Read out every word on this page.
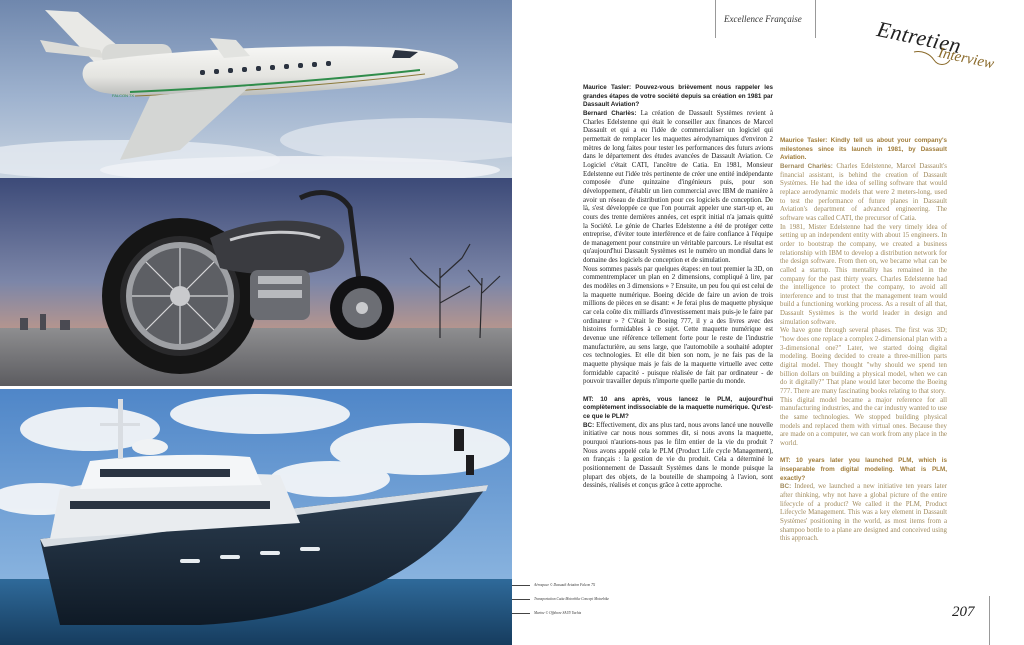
FALCON 7X
Aérospace © Dassault Aviation Falcon 7X
Transportation Catia Motorbike Concept Motorbike
Marine © Offshore SAUY Yachts
Excellence Française	Entretien
Interview

Maurice Tasler: Pouvez-vous brièvement nous rappeler les grandes étapes de votre société depuis sa création en 1981 par Dassault Aviation?

Bernard Charlès: La création de Dassault Systèmes revient à Charles Edelstenne qui était le conseiller aux finances de Marcel Dassault et qui a eu l'idée de commercialiser un logiciel qui permettait de remplacer les maquettes aérodynamiques d'environ 2 mètres de long faites pour tester les performances des futurs avions dans le département des études avancées de Dassault Aviation. Ce Logiciel c'était CATI, l'ancêtre de Catia. En 1981, Monsieur Edelstenne eut l'idée très pertinente de créer une entité indépendante composée d'une quinzaine d'ingénieurs puis, pour son développement, d'établir un lien commercial avec IBM de manière à avoir un réseau de distribution pour ces logiciels de conception. De là, s'est développée ce que l'on pourrait appeler une start-up et, au cours des trente dernières années, cet esprit initial n'a jamais quitté la Société. Le génie de Charles Edelstenne a été de protéger cette entreprise, d'éviter toute interférence et de faire confiance à l'équipe de management pour construire un véritable parcours. Le résultat est qu'aujourd'hui Dassault Systèmes est le numéro un mondial dans le domaine des logiciels de conception et de simulation.

Nous sommes passés par quelques étapes: en tout premier la 3D, on commentremplacer un plan en 2 dimensions, compliqué à lire, par des modèles en 3 dimensions » ? Ensuite, un peu fou qui est celui de la maquette numérique. Boeing décide de faire un avion de trois millions de pièces en se disant: « Je ferai plus de maquette physique car cela coûte dix milliards d'investissement mais puis-je le faire par ordinateur » ? C'était le Boeing 777, il y a des livres avec des histoires formidables à ce sujet. Cette maquette numérique est devenue une référence tellement forte pour le reste de l'industrie manufacturière, au sens large, que l'automobile a souhaité adopter ces technologies. Et elle dit bien son nom, je ne fais pas de la maquette physique mais je fais de la maquette virtuelle avec cette formidable capacité - puisque réalisée de fait par ordinateur - de pouvoir travailler depuis n'importe quelle partie du monde.

MT: 10 ans après, vous lancez le PLM, aujourd'hui complètement indissociable de la maquette numérique. Qu'est-ce que le PLM?

BC: Effectivement, dix ans plus tard, nous avons lancé une nouvelle initiative car nous nous sommes dit, si nous avons la maquette, pourquoi n'aurions-nous pas le film entier de la vie du produit ? Nous avons appelé cela le PLM (Product Life cycle Management), en français : la gestion de vie du produit. Cela a déterminé le positionnement de Dassault Systèmes dans le monde puisque la plupart des objets, de la bouteille de shampoing à l'avion, sont dessinés, réalisés et conçus grâce à cette approche.

Maurice Tasler: Kindly tell us about your company's milestones since its launch in 1981, by Dassault Aviation.

Bernard Charlès: Charles Edelstenne, Marcel Dassault's financial assistant, is behind the creation of Dassault Systèmes. He had the idea of selling software that would replace aerodynamic models that were 2 meters-long, used to test the performance of future planes in Dassault Aviation's department of advanced engineering. The software was called CATI, the precursor of Catia.

In 1981, Mister Edelstenne had the very timely idea of setting up an independent entity with about 15 engineers. In order to bootstrap the company, we created a business relationship with IBM to develop a distribution network for the design software. From then on, we became what can be called a startup. This mentality has remained in the company for the past thirty years. Charles Edelstenne had the intelligence to protect the company, to avoid all interference and to trust that the management team would build a functioning working process. As a result of all that, Dassault Systèmes is the world leader in design and simulation software.

We have gone through several phases. The first was 3D; "how does one replace a complex 2-dimensional plan with a 3-dimensional one?" Later, we started doing digital modeling. Boeing decided to create a three-million parts digital model. They thought "why should we spend ten billion dollars on building a physical model, when we can do it digitally?" That plane would later become the Boeing 777. There are many fascinating books relating to that story.

This digital model became a major reference for all manufacturing industries, and the car industry wanted to use the same technologies. We stopped building physical models and replaced them with virtual ones. Because they are made on a computer, we can work from any place in the world.

MT: 10 years later you launched PLM, which is inseparable from digital modeling. What is PLM, exactly?

BC: Indeed, we launched a new initiative ten years later after thinking, why not have a global picture of the entire lifecycle of a product? We called it the PLM, Product Lifecycle Management. This was a key element in Dassault Systèmes' positioning in the world, as most items from a shampoo bottle to a plane are designed and conceived using this approach.

207
